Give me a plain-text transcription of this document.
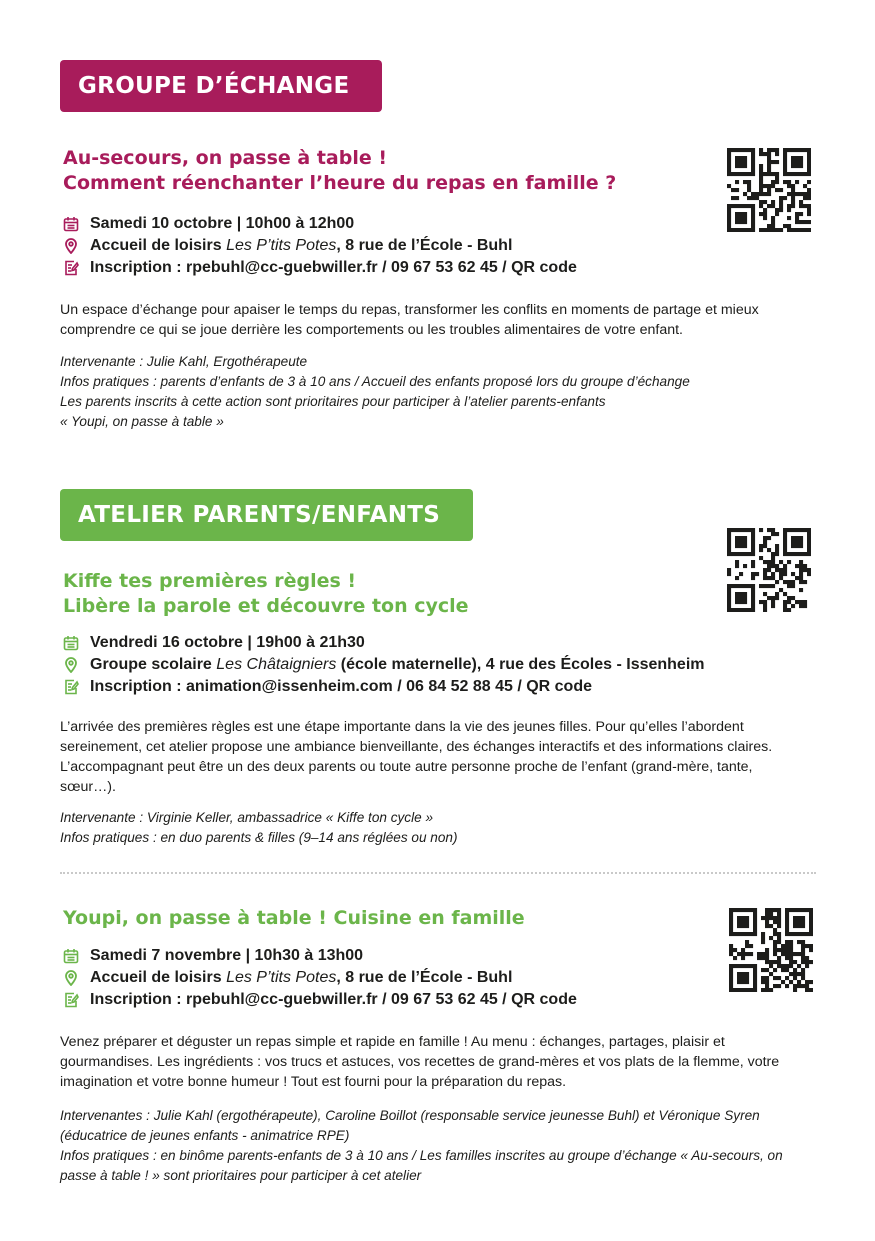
GROUPE D’ÉCHANGE
Au-secours, on passe à table !
Comment réenchanter l’heure du repas en famille ?
Samedi 10 octobre | 10h00 à 12h00
Accueil de loisirs Les P’tits Potes, 8 rue de l’École - Buhl
Inscription : rpebuhl@cc-guebwiller.fr / 09 67 53 62 45 / QR code
Un espace d’échange pour apaiser le temps du repas, transformer les conflits en moments de partage et mieux comprendre ce qui se joue derrière les comportements ou les troubles alimentaires de votre enfant.
Intervenante : Julie Kahl, Ergothérapeute
Infos pratiques : parents d’enfants de 3 à 10 ans / Accueil des enfants proposé lors du groupe d’échange
Les parents inscrits à cette action sont prioritaires pour participer à l’atelier parents-enfants
« Youpi, on passe à table »
ATELIER PARENTS/ENFANTS
Kiffe tes premières règles !
Libère la parole et découvre ton cycle
Vendredi 16 octobre | 19h00 à 21h30
Groupe scolaire Les Châtaigniers (école maternelle), 4 rue des Écoles - Issenheim
Inscription : animation@issenheim.com / 06 84 52 88 45 / QR code
L’arrivée des premières règles est une étape importante dans la vie des jeunes filles. Pour qu’elles l’abordent sereinement, cet atelier propose une ambiance bienveillante, des échanges interactifs et des informations claires. L’accompagnant peut être un des deux parents ou toute autre personne proche de l’enfant (grand-mère, tante, sœur…).
Intervenante : Virginie Keller, ambassadrice « Kiffe ton cycle »
Infos pratiques : en duo parents & filles (9–14 ans réglées ou non)
Youpi, on passe à table ! Cuisine en famille
Samedi 7 novembre | 10h30 à 13h00
Accueil de loisirs Les P’tits Potes, 8 rue de l’École - Buhl
Inscription : rpebuhl@cc-guebwiller.fr / 09 67 53 62 45 / QR code
Venez préparer et déguster un repas simple et rapide en famille ! Au menu : échanges, partages, plaisir et gourmandises. Les ingrédients : vos trucs et astuces, vos recettes de grand-mères et vos plats de la flemme, votre imagination et votre bonne humeur ! Tout est fourni pour la préparation du repas.
Intervenantes : Julie Kahl (ergothérapeute), Caroline Boillot (responsable service jeunesse Buhl) et Véronique Syren (éducatrice de jeunes enfants - animatrice RPE)
Infos pratiques : en binôme parents-enfants de 3 à 10 ans / Les familles inscrites au groupe d’échange « Au-secours, on passe à table ! » sont prioritaires pour participer à cet atelier
